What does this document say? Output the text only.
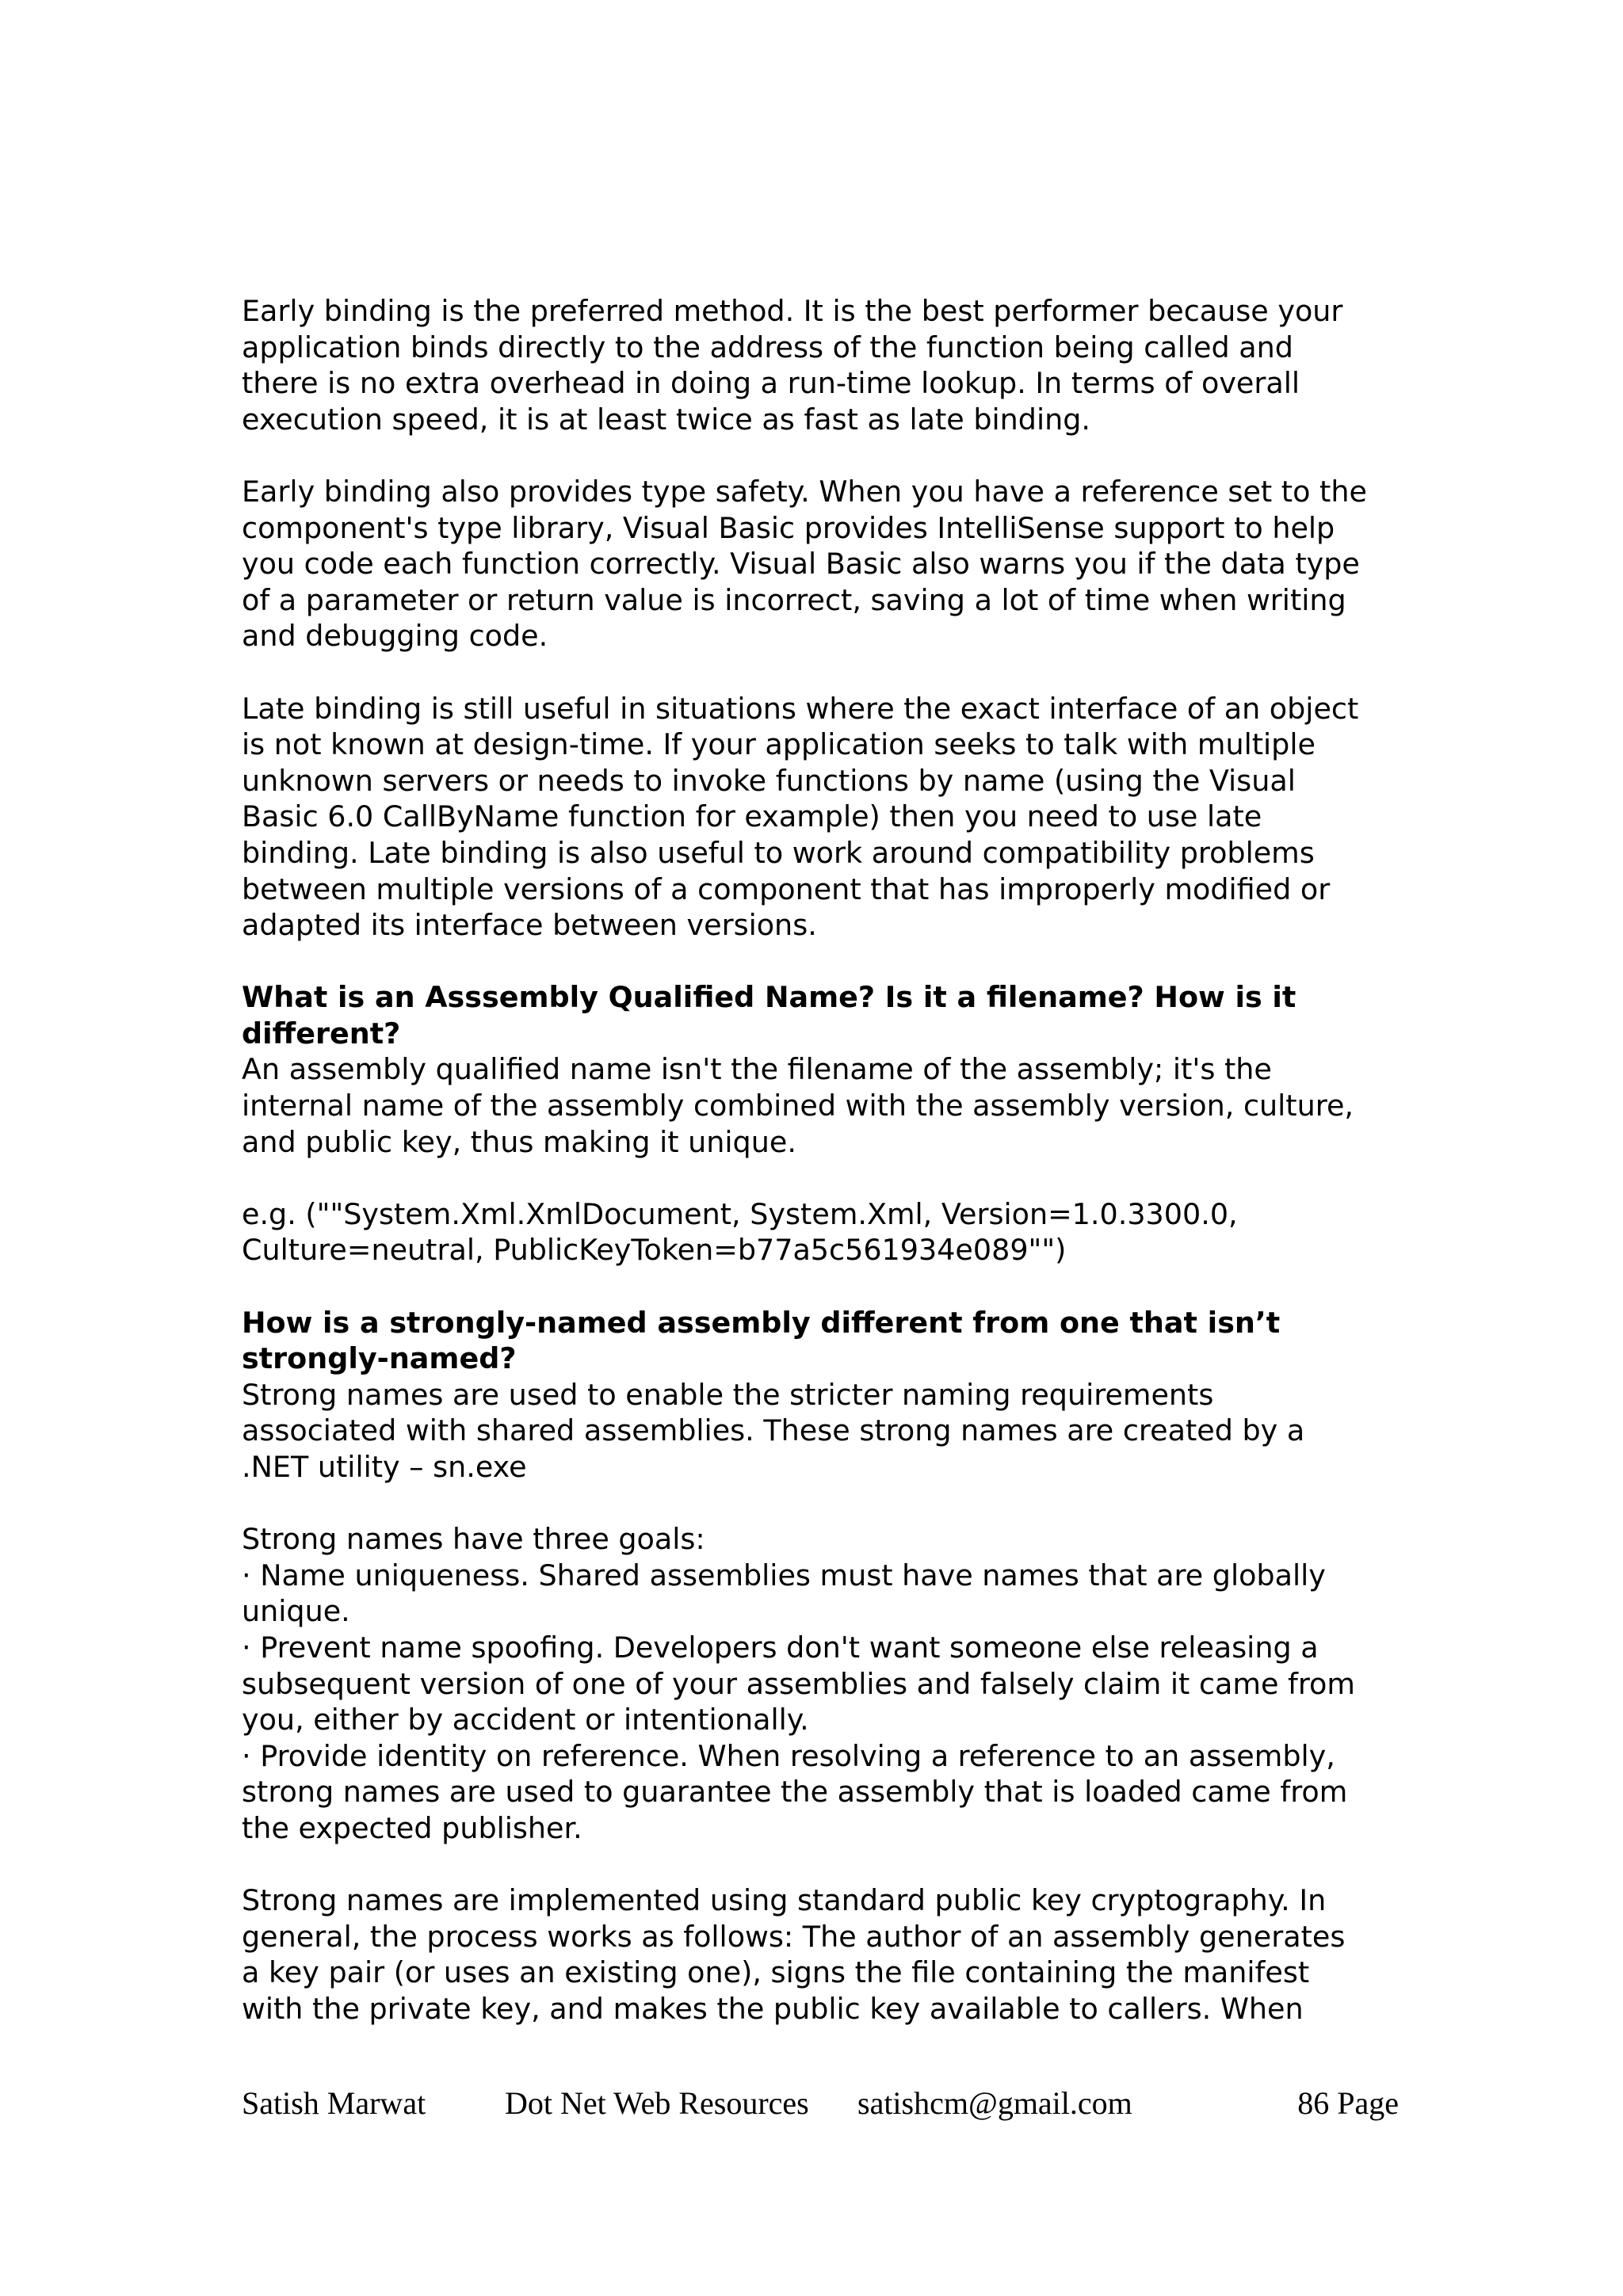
Early binding is the preferred method. It is the best performer because your
application binds directly to the address of the function being called and
there is no extra overhead in doing a run-time lookup. In terms of overall
execution speed, it is at least twice as fast as late binding.

Early binding also provides type safety. When you have a reference set to the
component's type library, Visual Basic provides IntelliSense support to help
you code each function correctly. Visual Basic also warns you if the data type
of a parameter or return value is incorrect, saving a lot of time when writing
and debugging code.

Late binding is still useful in situations where the exact interface of an object
is not known at design-time. If your application seeks to talk with multiple
unknown servers or needs to invoke functions by name (using the Visual
Basic 6.0 CallByName function for example) then you need to use late
binding. Late binding is also useful to work around compatibility problems
between multiple versions of a component that has improperly modified or
adapted its interface between versions.

What is an Asssembly Qualified Name? Is it a filename? How is it
different?

An assembly qualified name isn't the filename of the assembly; it's the
internal name of the assembly combined with the assembly version, culture,
and public key, thus making it unique.

e.g. (""System.Xml.XmlDocument, System.Xml, Version=1.0.3300.0,
Culture=neutral, PublicKeyToken=b77a5c561934e089"")

How is a strongly-named assembly different from one that isn’t
strongly-named?

Strong names are used to enable the stricter naming requirements
associated with shared assemblies. These strong names are created by a
.NET utility – sn.exe

Strong names have three goals:

· Name uniqueness. Shared assemblies must have names that are globally
unique.
· Prevent name spoofing. Developers don't want someone else releasing a
subsequent version of one of your assemblies and falsely claim it came from
you, either by accident or intentionally.
· Provide identity on reference. When resolving a reference to an assembly,
strong names are used to guarantee the assembly that is loaded came from
the expected publisher.

Strong names are implemented using standard public key cryptography. In
general, the process works as follows: The author of an assembly generates
a key pair (or uses an existing one), signs the file containing the manifest
with the private key, and makes the public key available to callers. When

Satish Marwat Dot Net Web Resources satishcm@gmail.com	86 Page
